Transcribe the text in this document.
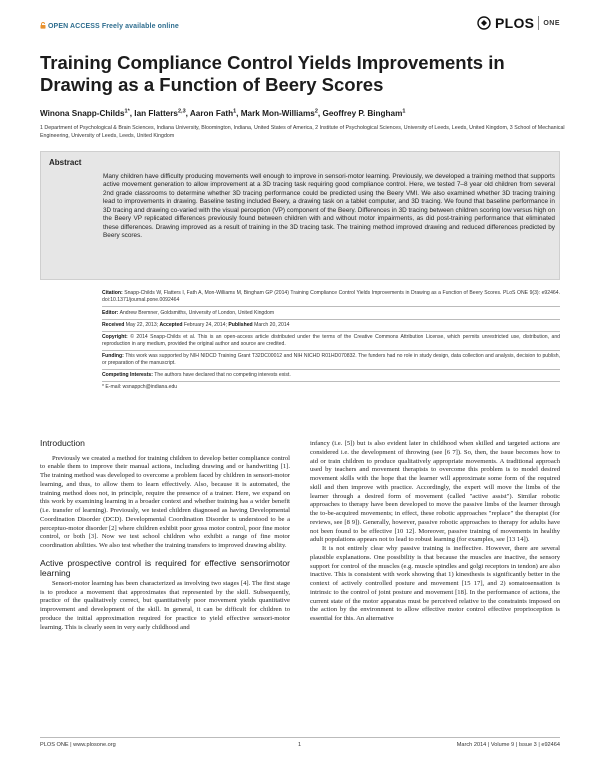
OPEN ACCESS Freely available online	PLOS ONE
Training Compliance Control Yields Improvements in Drawing as a Function of Beery Scores
Winona Snapp-Childs$^{1*}$, Ian Flatters$^{2,3}$, Aaron Fath$^1$, Mark Mon-Williams$^2$, Geoffrey P. Bingham$^1$
1 Department of Psychological & Brain Sciences, Indiana University, Bloomington, Indiana, United States of America, 2 Institute of Psychological Sciences, University of Leeds, Leeds, United Kingdom, 3 School of Mechanical Engineering, University of Leeds, Leeds, United Kingdom
Abstract
Many children have difficulty producing movements well enough to improve in sensori-motor learning. Previously, we developed a training method that supports active movement generation to allow improvement at a 3D tracing task requiring good compliance control. Here, we tested 7–8 year old children from several 2nd grade classrooms to determine whether 3D tracing performance could be predicted using the Beery VMI. We also examined whether 3D tracing training lead to improvements in drawing. Baseline testing included Beery, a drawing task on a tablet computer, and 3D tracing. We found that baseline performance in 3D tracing and drawing co-varied with the visual perception (VP) component of the Beery. Differences in 3D tracing between children scoring low versus high on the Beery VP replicated differences previously found between children with and without motor impairments, as did post-training performance that eliminated these differences. Drawing improved as a result of training in the 3D tracing task. The training method improved drawing and reduced differences predicted by Beery scores.
Citation: Snapp-Childs W, Flatters I, Fath A, Mon-Williams M, Bingham GP (2014) Training Compliance Control Yields Improvements in Drawing as a Function of Beery Scores. PLoS ONE 9(3): e92464. doi:10.1371/journal.pone.0092464
Editor: Andrew Bremner, Goldsmiths, University of London, United Kingdom
Received May 22, 2013; Accepted February 24, 2014; Published March 20, 2014
Copyright: © 2014 Snapp-Childs et al. This is an open-access article distributed under the terms of the Creative Commons Attribution License, which permits unrestricted use, distribution, and reproduction in any medium, provided the original author and source are credited.
Funding: This work was supported by NIH NIDCD Training Grant T32DC00012 and NIH NICHD R01HD070832. The funders had no role in study design, data collection and analysis, decision to publish, or preparation of the manuscript.
Competing Interests: The authors have declared that no competing interests exist.
* E-mail: wsnappch@indiana.edu
Introduction

Previously we created a method for training children to develop better compliance control to enable them to improve their manual actions, including drawing and or handwriting [1]. The training method was developed to overcome a problem faced by children in sensori-motor learning, and thus, to allow them to learn effectively. Also, because it is automated, the training method does not, in principle, require the presence of a trainer. Here, we expand on this work by examining learning in a broader context and whether training has a wider benefit (i.e. transfer of learning). Previously, we tested children diagnosed as having Developmental Coordination Disorder (DCD). Developmental Coordination Disorder is understood to be a perceptuo-motor disorder [2] where children exhibit poor gross motor control, poor fine motor control, or both [3]. Now we test school children who exhibit a range of fine motor coordination abilities. We also test whether the training transfers to improved drawing ability.

Active prospective control is required for effective sensorimotor learning

Sensori-motor learning has been characterized as involving two stages [4]. The first stage is to produce a movement that approximates that represented by the skill. Subsequently, practice of the qualitatively correct, but quantitatively poor movement yields quantitative improvement and development of the skill. In general, it can be difficult for children to produce the initial approximation required for practice to yield effective sensori-motor learning. This is clearly seen in very early childhood and

infancy (i.e. [5]) but is also evident later in childhood when skilled and targeted actions are considered i.e. the development of throwing (see [6 7]). So, then, the issue becomes how to aid or train children to produce qualitatively appropriate movements. A traditional approach used by teachers and movement therapists to overcome this problem is to model desired movement skills with the hope that the learner will approximate some form of the required skill and then improve with practice. Accordingly, the expert will move the limbs of the learner through a desired form of movement (called "active assist"). Similar robotic approaches to therapy have been developed to move the passive limbs of the learner through the to-be-acquired movements; in effect, these robotic approaches "replace" the therapist (for reviews, see [8 9]). Generally, however, passive robotic approaches to therapy for adults have not been found to be effective [10 12]. Moreover, passive training of movements in healthy adult populations appears not to lead to robust learning (for examples, see [13 14]).

It is not entirely clear why passive training is ineffective. However, there are several plausible explanations. One possibility is that because the muscles are inactive, the sensory support for control of the muscles (e.g. muscle spindles and golgi receptors in tendon) are also inactive. This is consistent with work showing that 1) kinesthesis is significantly better in the context of actively controlled posture and movement [15 17], and 2) somatosensation is intrinsic to the control of joint posture and movement [18]. In the performance of actions, the current state of the motor apparatus must be perceived relative to the constraints imposed on the action by the environment to allow effective motor control effective proprioception is essential for this. An alternative

PLOS ONE | www.plosone.org	1	March 2014 | Volume 9 | Issue 3 | e92464
